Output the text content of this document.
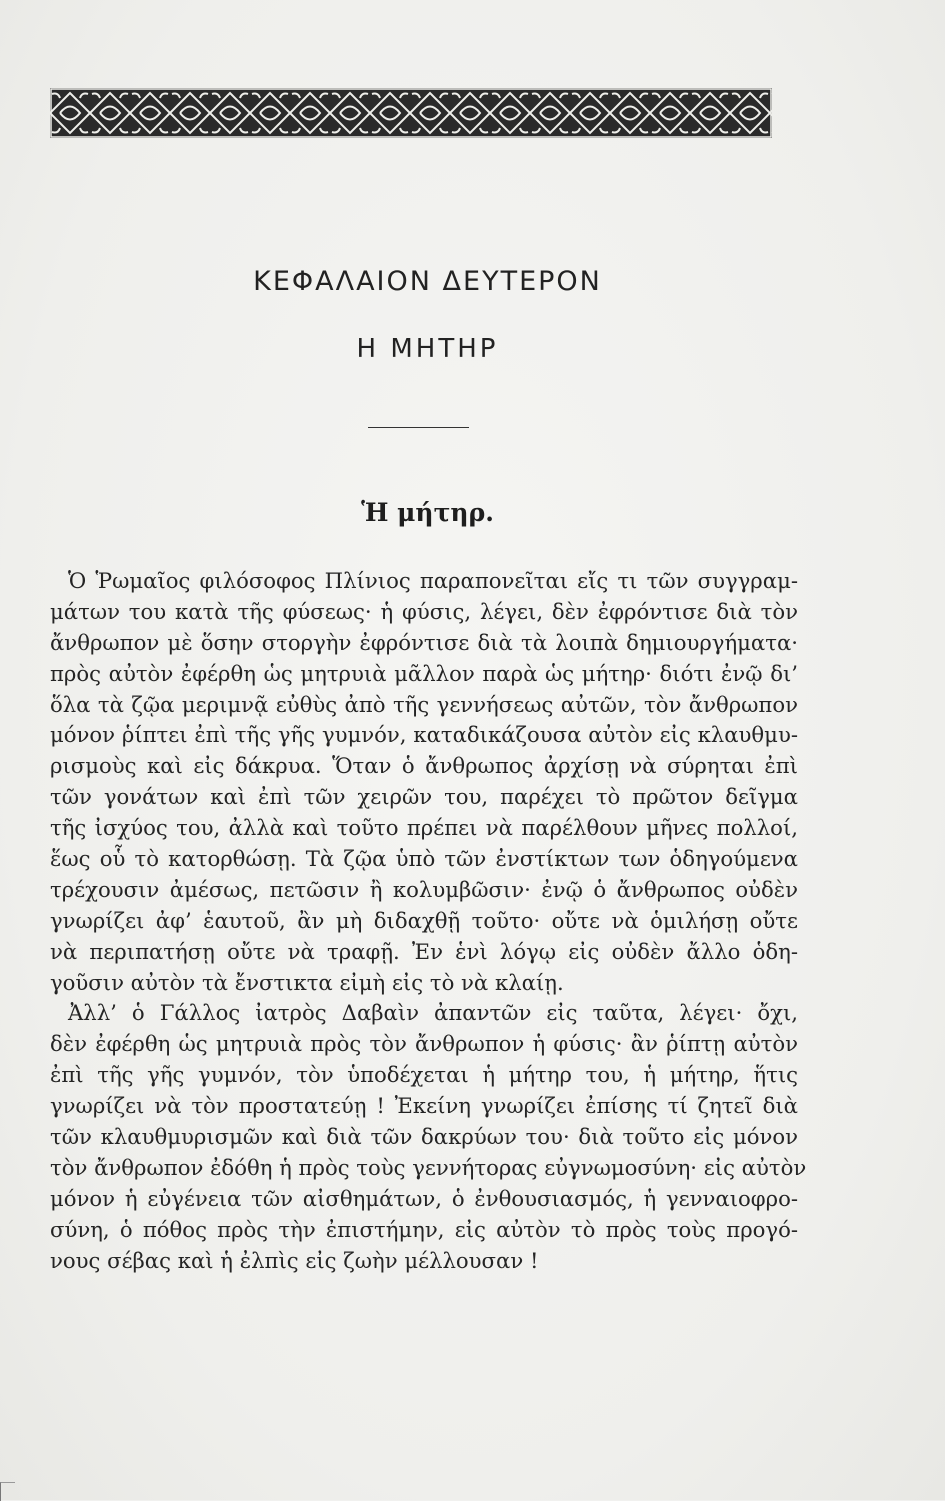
ΚΕΦΑΛΑΙΟΝ ΔΕΥΤΕΡΟΝ
Η ΜΗΤΗΡ
Ἡ μήτηρ.
Ὁ Ῥωμαῖος φιλόσοφος Πλίνιος παραπονεῖται εἴς τι τῶν συγγραμ-
μάτων του κατὰ τῆς φύσεως· ἡ φύσις, λέγει, δὲν ἐφρόντισε διὰ τὸν
ἄνθρωπον μὲ ὅσην στοργὴν ἐφρόντισε διὰ τὰ λοιπὰ δημιουργήματα·
πρὸς αὐτὸν ἐφέρθη ὡς μητρυιὰ μᾶλλον παρὰ ὡς μήτηρ· διότι ἐνῷ δι’
ὅλα τὰ ζῷα μεριμνᾷ εὐθὺς ἀπὸ τῆς γεννήσεως αὐτῶν, τὸν ἄνθρωπον
μόνον ῥίπτει ἐπὶ τῆς γῆς γυμνόν, καταδικάζουσα αὐτὸν εἰς κλαυθμυ-
ρισμοὺς καὶ εἰς δάκρυα. Ὅταν ὁ ἄνθρωπος ἀρχίσῃ νὰ σύρηται ἐπὶ
τῶν γονάτων καὶ ἐπὶ τῶν χειρῶν του, παρέχει τὸ πρῶτον δεῖγμα
τῆς ἰσχύος του, ἀλλὰ καὶ τοῦτο πρέπει νὰ παρέλθουν μῆνες πολλοί,
ἕως οὗ τὸ κατορθώσῃ. Τὰ ζῷα ὑπὸ τῶν ἐνστίκτων των ὁδηγούμενα
τρέχουσιν ἀμέσως, πετῶσιν ἢ κολυμβῶσιν· ἐνῷ ὁ ἄνθρωπος οὐδὲν
γνωρίζει ἀφ’ ἑαυτοῦ, ἂν μὴ διδαχθῇ τοῦτο· οὔτε νὰ ὁμιλήσῃ οὔτε
νὰ περιπατήσῃ οὔτε νὰ τραφῇ. Ἐν ἑνὶ λόγῳ εἰς οὐδὲν ἄλλο ὁδη-
γοῦσιν αὐτὸν τὰ ἔνστικτα εἰμὴ εἰς τὸ νὰ κλαίῃ.
Ἀλλ’ ὁ Γάλλος ἰατρὸς Δαβαὶν ἀπαντῶν εἰς ταῦτα, λέγει· ὄχι,
δὲν ἐφέρθη ὡς μητρυιὰ πρὸς τὸν ἄνθρωπον ἡ φύσις· ἂν ῥίπτῃ αὐτὸν
ἐπὶ τῆς γῆς γυμνόν, τὸν ὑποδέχεται ἡ μήτηρ του, ἡ μήτηρ, ἥτις
γνωρίζει νὰ τὸν προστατεύῃ ! Ἐκείνη γνωρίζει ἐπίσης τί ζητεῖ διὰ
τῶν κλαυθμυρισμῶν καὶ διὰ τῶν δακρύων του· διὰ τοῦτο εἰς μόνον
τὸν ἄνθρωπον ἐδόθη ἡ πρὸς τοὺς γεννήτορας εὐγνωμοσύνη· εἰς αὐτὸν
μόνον ἡ εὐγένεια τῶν αἰσθημάτων, ὁ ἐνθουσιασμός, ἡ γενναιοφρο-
σύνη, ὁ πόθος πρὸς τὴν ἐπιστήμην, εἰς αὐτὸν τὸ πρὸς τοὺς προγό-
νους σέβας καὶ ἡ ἐλπὶς εἰς ζωὴν μέλλουσαν !
